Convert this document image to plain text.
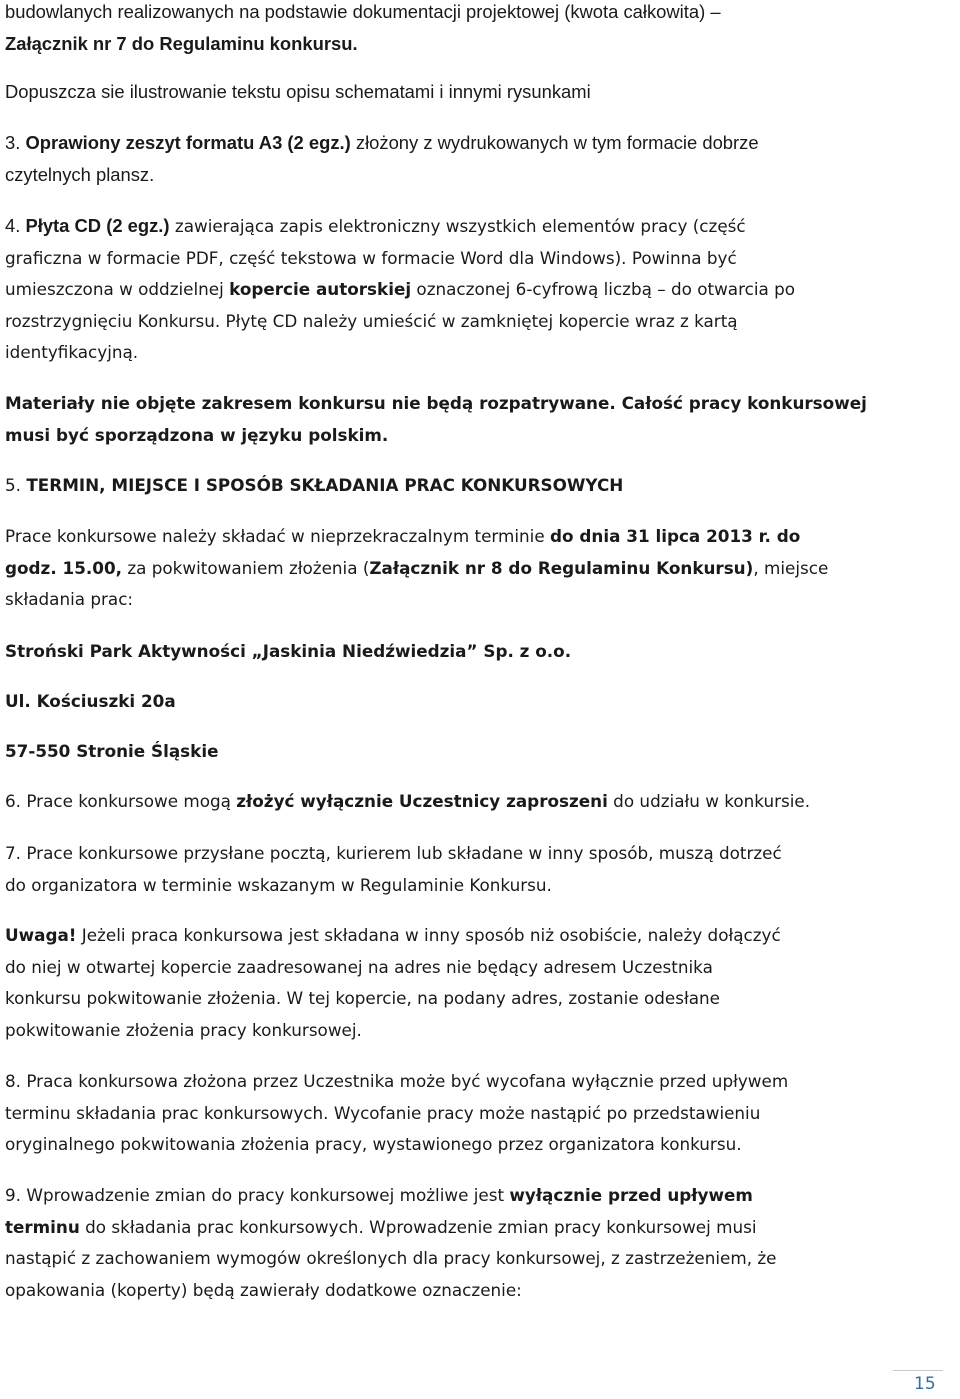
budowlanych realizowanych na podstawie dokumentacji projektowej (kwota całkowita) –
Załącznik nr 7 do Regulaminu konkursu.

Dopuszcza sie ilustrowanie tekstu opisu schematami i innymi rysunkami

3. Oprawiony zeszyt formatu A3 (2 egz.) złożony z wydrukowanych w tym formacie dobrze
czytelnych plansz.

4. Płyta CD (2 egz.) zawierająca zapis elektroniczny wszystkich elementów pracy (część
graficzna w formacie PDF, część tekstowa w formacie Word dla Windows). Powinna być
umieszczona w oddzielnej kopercie autorskiej oznaczonej 6-cyfrową liczbą – do otwarcia po
rozstrzygnięciu Konkursu. Płytę CD należy umieścić w zamkniętej kopercie wraz z kartą
identyfikacyjną.

Materiały nie objęte zakresem konkursu nie będą rozpatrywane. Całość pracy konkursowej
musi być sporządzona w języku polskim.

5. TERMIN, MIEJSCE I SPOSÓB SKŁADANIA PRAC KONKURSOWYCH

Prace konkursowe należy składać w nieprzekraczalnym terminie do dnia 31 lipca 2013 r. do
godz. 15.00, za pokwitowaniem złożenia (Załącznik nr 8 do Regulaminu Konkursu), miejsce
składania prac:

Stroński Park Aktywności „Jaskinia Niedźwiedzia” Sp. z o.o.

Ul. Kościuszki 20a

57-550 Stronie Śląskie

6. Prace konkursowe mogą złożyć wyłącznie Uczestnicy zaproszeni do udziału w konkursie.

7. Prace konkursowe przysłane pocztą, kurierem lub składane w inny sposób, muszą dotrzeć
do organizatora w terminie wskazanym w Regulaminie Konkursu.

Uwaga! Jeżeli praca konkursowa jest składana w inny sposób niż osobiście, należy dołączyć
do niej w otwartej kopercie zaadresowanej na adres nie będący adresem Uczestnika
konkursu pokwitowanie złożenia. W tej kopercie, na podany adres, zostanie odesłane
pokwitowanie złożenia pracy konkursowej.

8. Praca konkursowa złożona przez Uczestnika może być wycofana wyłącznie przed upływem
terminu składania prac konkursowych. Wycofanie pracy może nastąpić po przedstawieniu
oryginalnego pokwitowania złożenia pracy, wystawionego przez organizatora konkursu.

9. Wprowadzenie zmian do pracy konkursowej możliwe jest wyłącznie przed upływem
terminu do składania prac konkursowych. Wprowadzenie zmian pracy konkursowej musi
nastąpić z zachowaniem wymogów określonych dla pracy konkursowej, z zastrzeżeniem, że
opakowania (koperty) będą zawierały dodatkowe oznaczenie:

15
